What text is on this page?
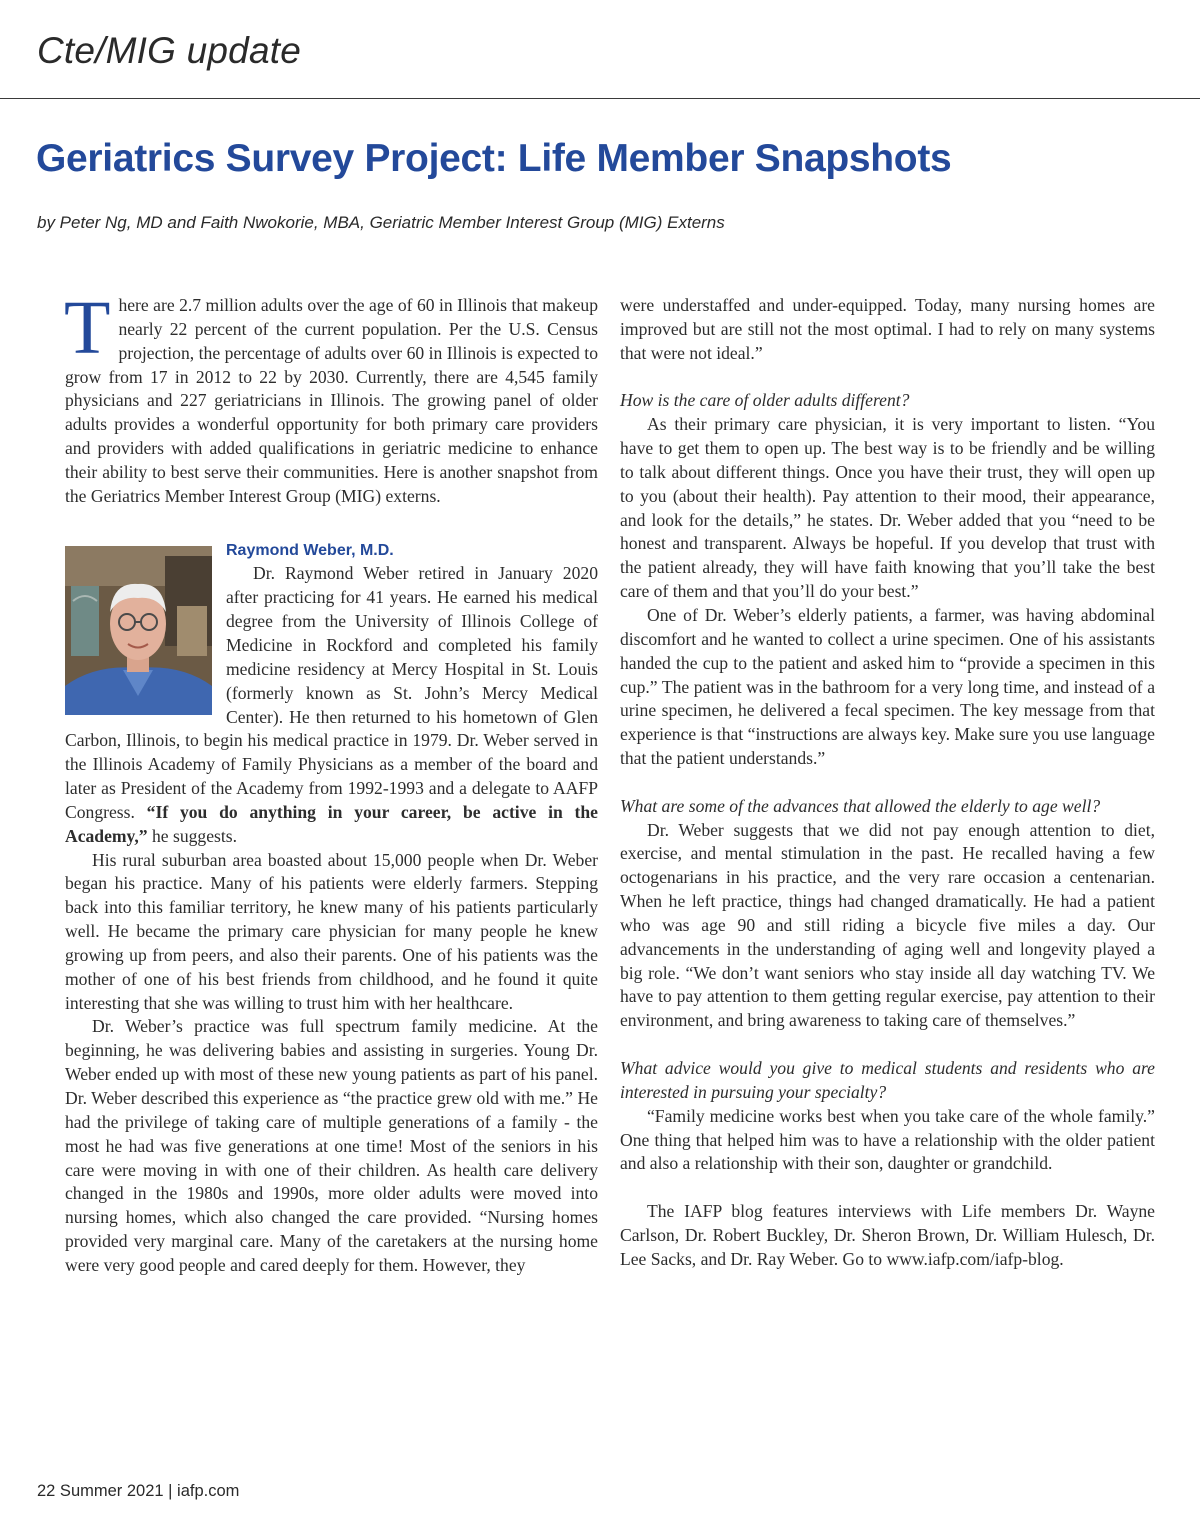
Cte/MIG update
Geriatrics Survey Project: Life Member Snapshots
by Peter Ng, MD and Faith Nwokorie, MBA, Geriatric Member Interest Group (MIG) Externs

There are 2.7 million adults over the age of 60 in Illinois that makeup nearly 22 percent of the current population. Per the U.S. Census projection, the percentage of adults over 60 in Illinois is expected to grow from 17 in 2012 to 22 by 2030. Currently, there are 4,545 family physicians and 227 geriatricians in Illinois. The growing panel of older adults provides a wonderful opportunity for both primary care providers and providers with added qualifications in geriatric medicine to enhance their ability to best serve their communities. Here is another snapshot from the Geriatrics Member Interest Group (MIG) externs.

Raymond Weber, M.D.

Dr. Raymond Weber retired in January 2020 after practicing for 41 years. He earned his medical degree from the University of Illinois College of Medicine in Rockford and completed his family medicine residency at Mercy Hospital in St. Louis (formerly known as St. John’s Mercy Medical Center). He then returned to his hometown of Glen Carbon, Illinois, to begin his medical practice in 1979. Dr. Weber served in the Illinois Academy of Family Physicians as a member of the board and later as President of the Academy from 1992-1993 and a delegate to AAFP Congress. “If you do anything in your career, be active in the Academy,” he suggests.

His rural suburban area boasted about 15,000 people when Dr. Weber began his practice. Many of his patients were elderly farmers. Stepping back into this familiar territory, he knew many of his patients particularly well. He became the primary care physician for many people he knew growing up from peers, and also their parents. One of his patients was the mother of one of his best friends from childhood, and he found it quite interesting that she was willing to trust him with her healthcare.

Dr. Weber’s practice was full spectrum family medicine. At the beginning, he was delivering babies and assisting in surgeries. Young Dr. Weber ended up with most of these new young patients as part of his panel. Dr. Weber described this experience as “the practice grew old with me.” He had the privilege of taking care of multiple generations of a family - the most he had was five generations at one time! Most of the seniors in his care were moving in with one of their children. As health care delivery changed in the 1980s and 1990s, more older adults were moved into nursing homes, which also changed the care provided. “Nursing homes provided very marginal care. Many of the caretakers at the nursing home were very good people and cared deeply for them. However, they

were understaffed and under-equipped. Today, many nursing homes are improved but are still not the most optimal. I had to rely on many systems that were not ideal.”

How is the care of older adults different?

As their primary care physician, it is very important to listen. “You have to get them to open up. The best way is to be friendly and be willing to talk about different things. Once you have their trust, they will open up to you (about their health). Pay attention to their mood, their appearance, and look for the details,” he states. Dr. Weber added that you “need to be honest and transparent. Always be hopeful. If you develop that trust with the patient already, they will have faith knowing that you’ll take the best care of them and that you’ll do your best.”

One of Dr. Weber’s elderly patients, a farmer, was having abdominal discomfort and he wanted to collect a urine specimen. One of his assistants handed the cup to the patient and asked him to “provide a specimen in this cup.” The patient was in the bathroom for a very long time, and instead of a urine specimen, he delivered a fecal specimen. The key message from that experience is that “instructions are always key. Make sure you use language that the patient understands.”

What are some of the advances that allowed the elderly to age well?

Dr. Weber suggests that we did not pay enough attention to diet, exercise, and mental stimulation in the past. He recalled having a few octogenarians in his practice, and the very rare occasion a centenarian. When he left practice, things had changed dramatically. He had a patient who was age 90 and still riding a bicycle five miles a day. Our advancements in the understanding of aging well and longevity played a big role. “We don’t want seniors who stay inside all day watching TV. We have to pay attention to them getting regular exercise, pay attention to their environment, and bring awareness to taking care of themselves.”

What advice would you give to medical students and residents who are interested in pursuing your specialty?

“Family medicine works best when you take care of the whole family.” One thing that helped him was to have a relationship with the older patient and also a relationship with their son, daughter or grandchild.

The IAFP blog features interviews with Life members Dr. Wayne Carlson, Dr. Robert Buckley, Dr. Sheron Brown, Dr. William Hulesch, Dr. Lee Sacks, and Dr. Ray Weber. Go to www.iafp.com/iafp-blog.

22 Summer 2021 | iafp.com
